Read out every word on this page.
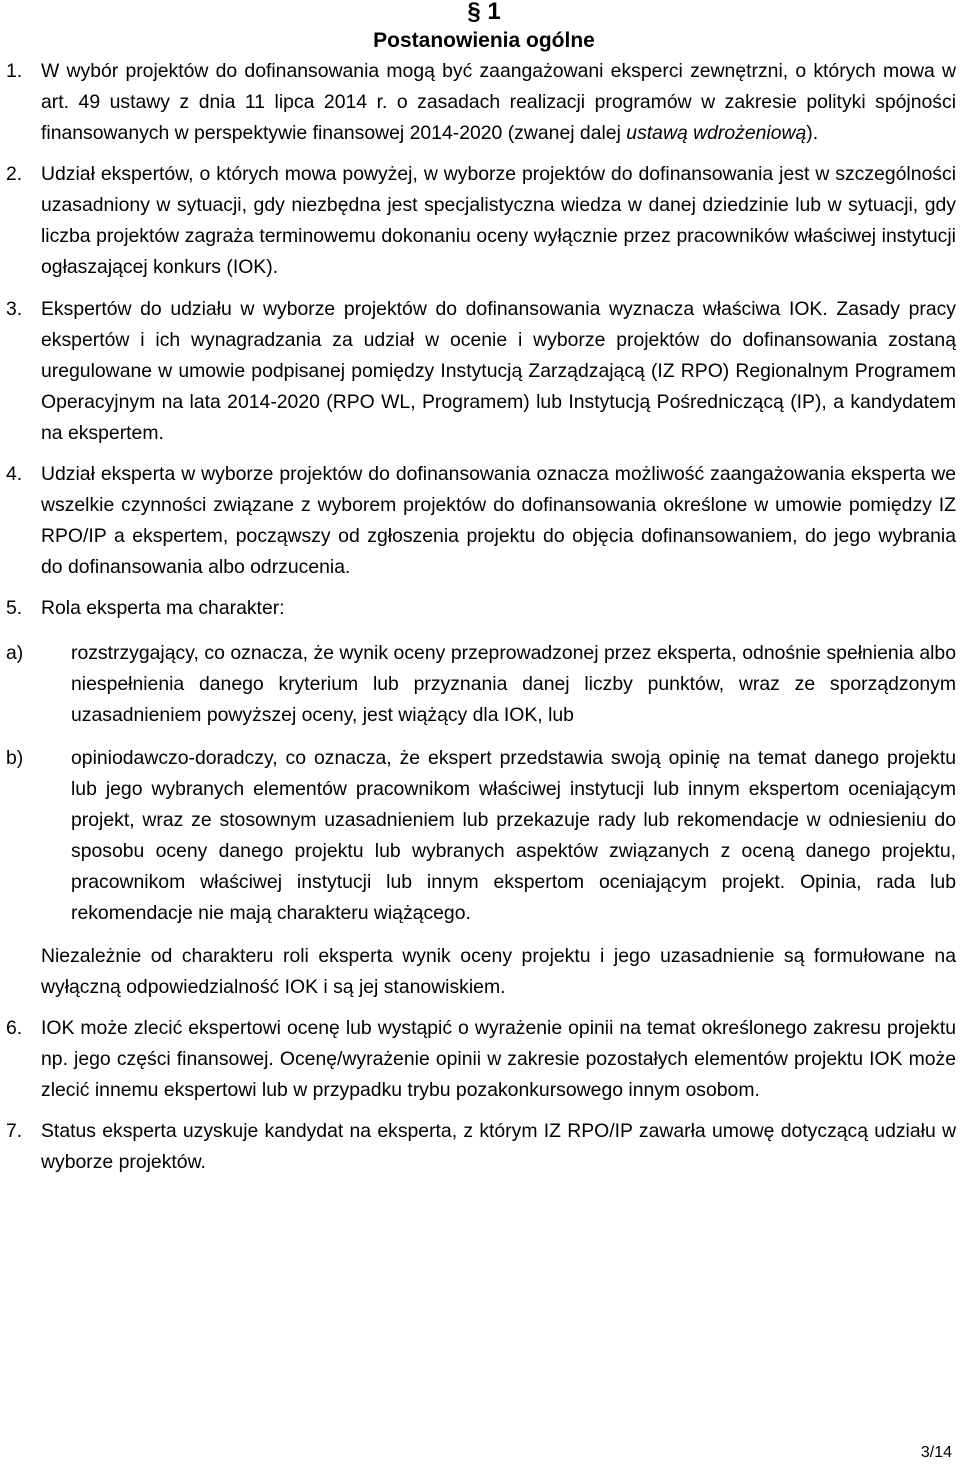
§ 1
Postanowienia ogólne
1. W wybór projektów do dofinansowania mogą być zaangażowani eksperci zewnętrzni, o których mowa w art. 49 ustawy z dnia 11 lipca 2014 r. o zasadach realizacji programów w zakresie polityki spójności finansowanych w perspektywie finansowej 2014-2020 (zwanej dalej ustawą wdrożeniową).
2. Udział ekspertów, o których mowa powyżej, w wyborze projektów do dofinansowania jest w szczególności uzasadniony w sytuacji, gdy niezbędna jest specjalistyczna wiedza w danej dziedzinie lub w sytuacji, gdy liczba projektów zagraża terminowemu dokonaniu oceny wyłącznie przez pracowników właściwej instytucji ogłaszającej konkurs (IOK).
3. Ekspertów do udziału w wyborze projektów do dofinansowania wyznacza właściwa IOK. Zasady pracy ekspertów i ich wynagradzania za udział w ocenie i wyborze projektów do dofinansowania zostaną uregulowane w umowie podpisanej pomiędzy Instytucją Zarządzającą (IZ RPO) Regionalnym Programem Operacyjnym na lata 2014-2020 (RPO WL, Programem) lub Instytucją Pośredniczącą (IP), a kandydatem na ekspertem.
4. Udział eksperta w wyborze projektów do dofinansowania oznacza możliwość zaangażowania eksperta we wszelkie czynności związane z wyborem projektów do dofinansowania określone w umowie pomiędzy IZ RPO/IP a ekspertem, począwszy od zgłoszenia projektu do objęcia dofinansowaniem, do jego wybrania do dofinansowania albo odrzucenia.
5. Rola eksperta ma charakter:
a) rozstrzygający, co oznacza, że wynik oceny przeprowadzonej przez eksperta, odnośnie spełnienia albo niespełnienia danego kryterium lub przyznania danej liczby punktów, wraz ze sporządzonym uzasadnieniem powyższej oceny, jest wiążący dla IOK, lub
b) opiniodawczo-doradczy, co oznacza, że ekspert przedstawia swoją opinię na temat danego projektu lub jego wybranych elementów pracownikom właściwej instytucji lub innym ekspertom oceniającym projekt, wraz ze stosownym uzasadnieniem lub przekazuje rady lub rekomendacje w odniesieniu do sposobu oceny danego projektu lub wybranych aspektów związanych z oceną danego projektu, pracownikom właściwej instytucji lub innym ekspertom oceniającym projekt. Opinia, rada lub rekomendacje nie mają charakteru wiążącego.
Niezależnie od charakteru roli eksperta wynik oceny projektu i jego uzasadnienie są formułowane na wyłączną odpowiedzialność IOK i są jej stanowiskiem.
6. IOK może zlecić ekspertowi ocenę lub wystąpić o wyrażenie opinii na temat określonego zakresu projektu np. jego części finansowej. Ocenę/wyrażenie opinii w zakresie pozostałych elementów projektu IOK może zlecić innemu ekspertowi lub w przypadku trybu pozakonkursowego innym osobom.
7. Status eksperta uzyskuje kandydat na eksperta, z którym IZ RPO/IP zawarła umowę dotyczącą udziału w wyborze projektów.
3/14
